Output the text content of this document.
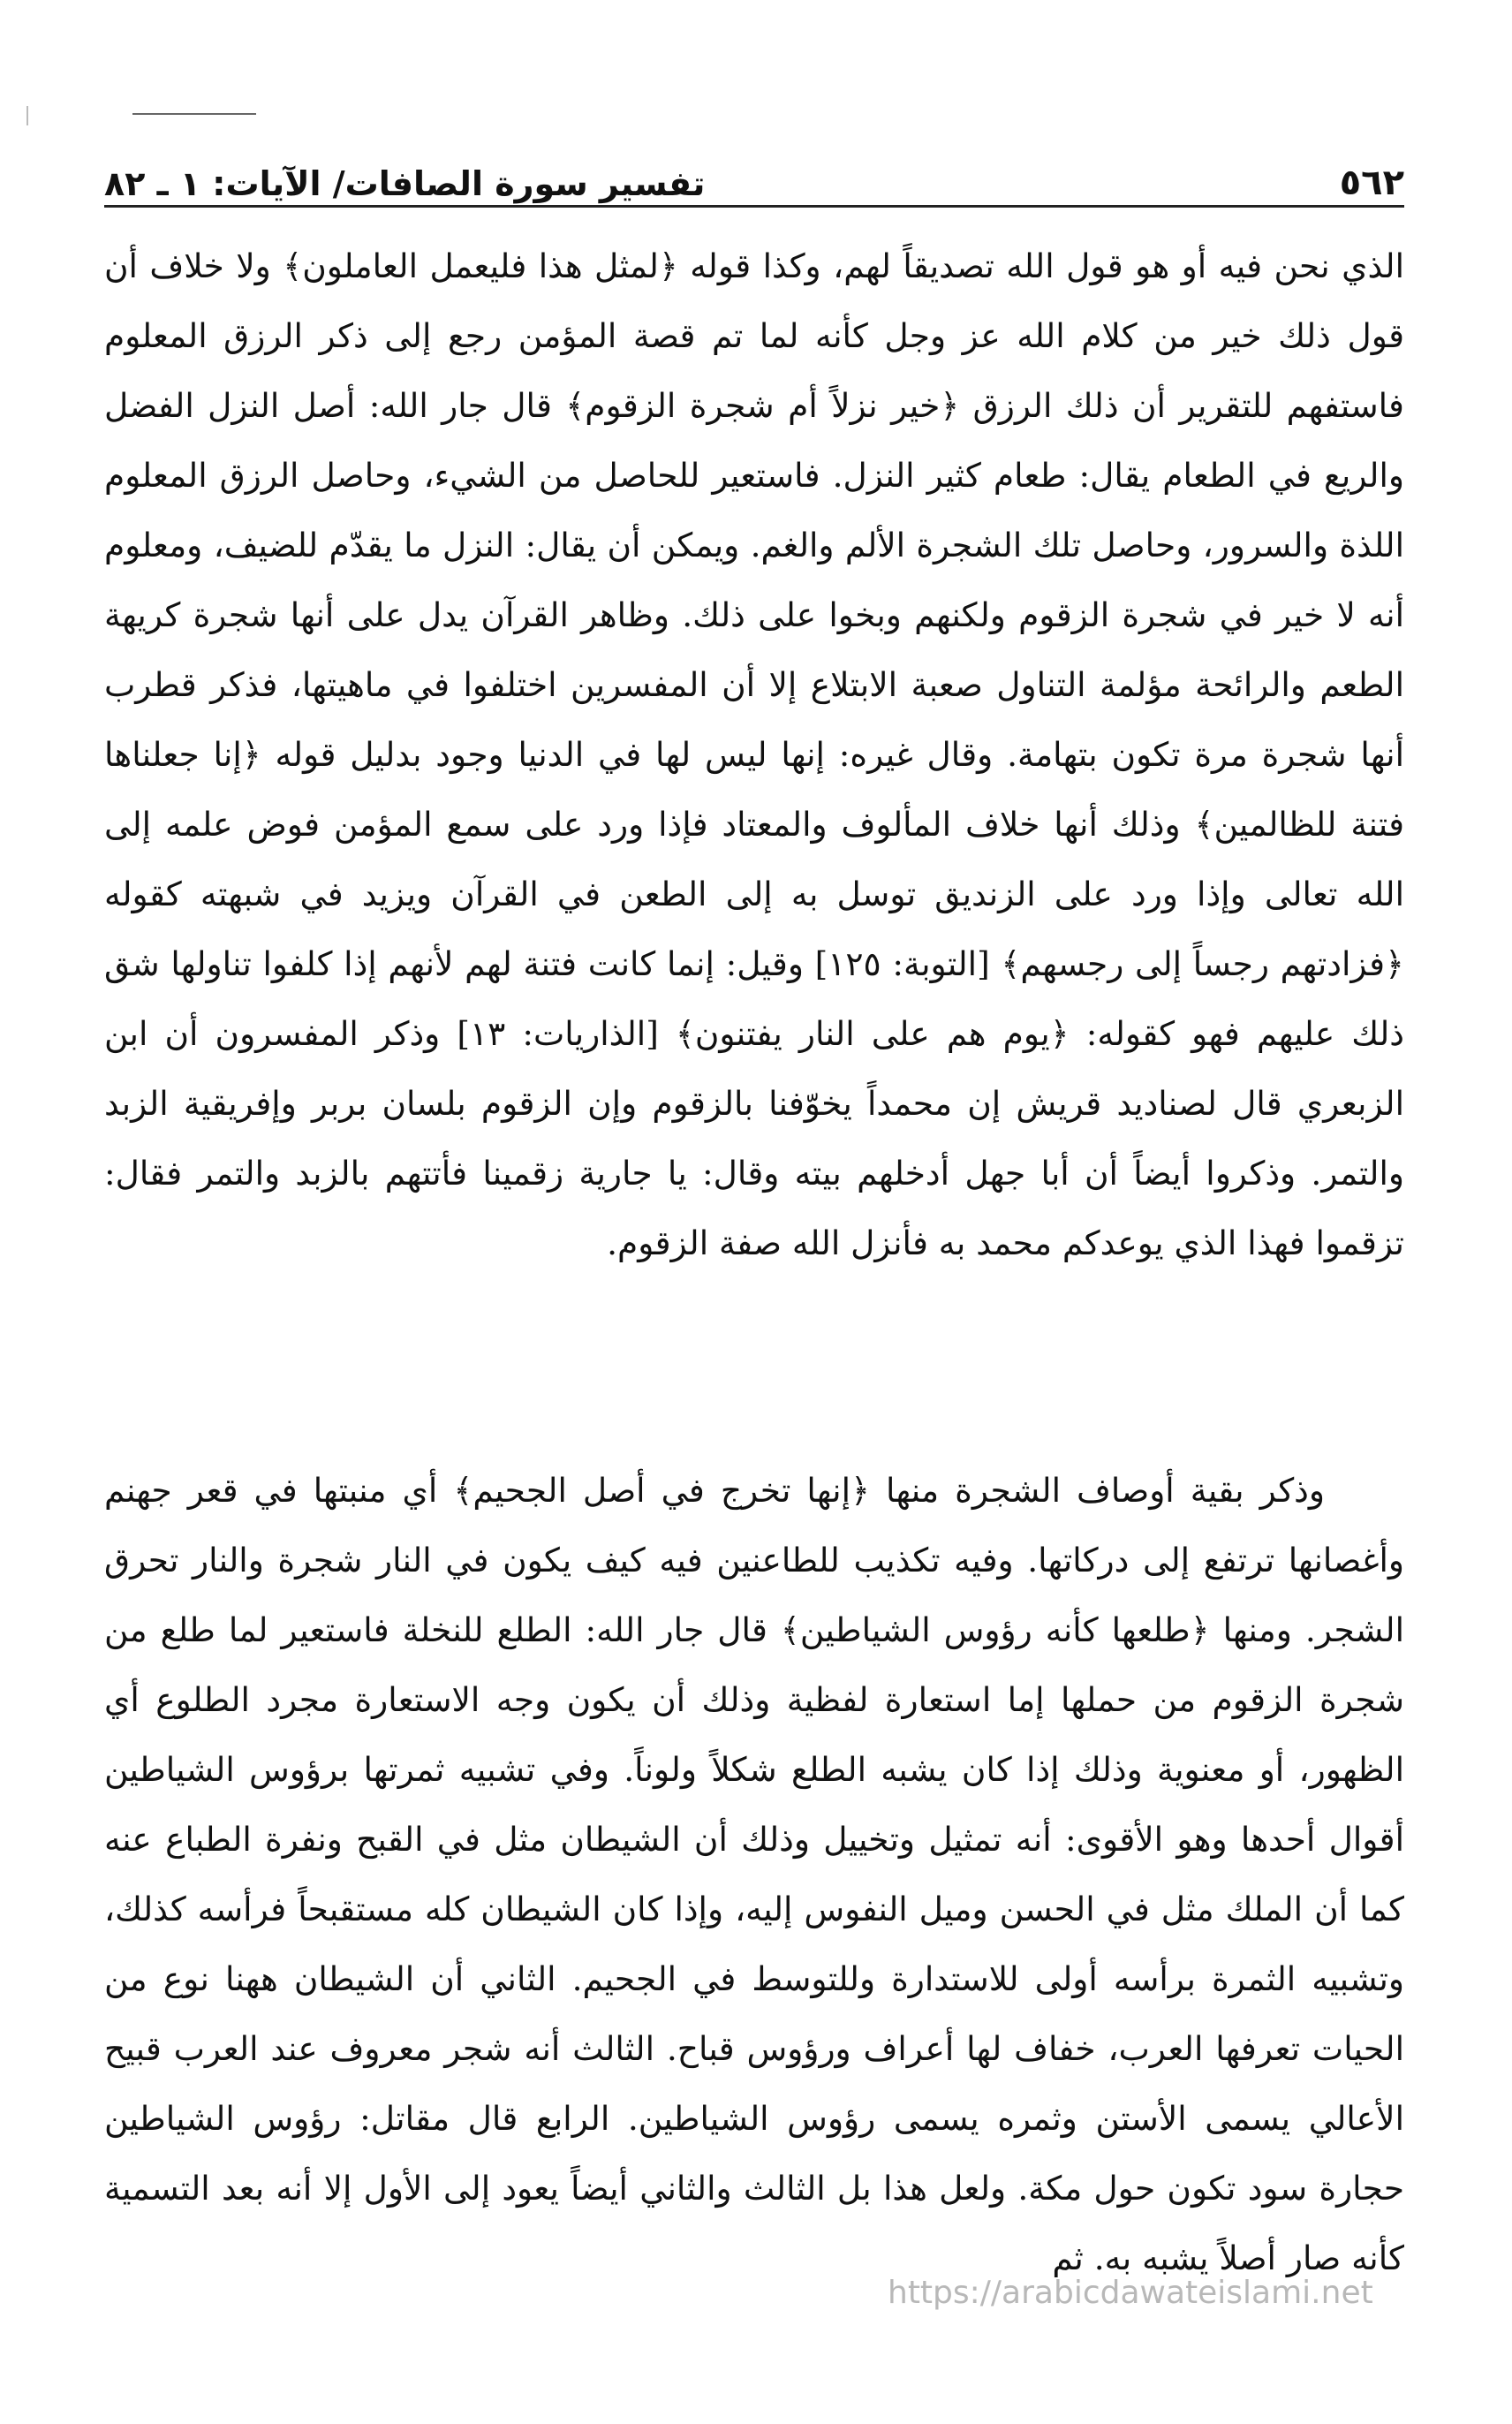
٥٦٢
تفسير سورة الصافات/ الآيات: ١ ـ ٨٢

الذي نحن فيه أو هو قول الله تصديقاً لهم، وكذا قوله ﴿لمثل هذا فليعمل العاملون﴾ ولا خلاف أن قول ذلك خير من كلام الله عز وجل كأنه لما تم قصة المؤمن رجع إلى ذكر الرزق المعلوم فاستفهم للتقرير أن ذلك الرزق ﴿خير نزلاً أم شجرة الزقوم﴾ قال جار الله: أصل النزل الفضل والريع في الطعام يقال: طعام كثير النزل. فاستعير للحاصل من الشيء، وحاصل الرزق المعلوم اللذة والسرور، وحاصل تلك الشجرة الألم والغم. ويمكن أن يقال: النزل ما يقدّم للضيف، ومعلوم أنه لا خير في شجرة الزقوم ولكنهم وبخوا على ذلك. وظاهر القرآن يدل على أنها شجرة كريهة الطعم والرائحة مؤلمة التناول صعبة الابتلاع إلا أن المفسرين اختلفوا في ماهيتها، فذكر قطرب أنها شجرة مرة تكون بتهامة. وقال غيره: إنها ليس لها في الدنيا وجود بدليل قوله ﴿إنا جعلناها فتنة للظالمين﴾ وذلك أنها خلاف المألوف والمعتاد فإذا ورد على سمع المؤمن فوض علمه إلى الله تعالى وإذا ورد على الزنديق توسل به إلى الطعن في القرآن ويزيد في شبهته كقوله ﴿فزادتهم رجساً إلى رجسهم﴾ [التوبة: ١٢٥] وقيل: إنما كانت فتنة لهم لأنهم إذا كلفوا تناولها شق ذلك عليهم فهو كقوله: ﴿يوم هم على النار يفتنون﴾ [الذاريات: ١٣] وذكر المفسرون أن ابن الزبعري قال لصناديد قريش إن محمداً يخوّفنا بالزقوم وإن الزقوم بلسان بربر وإفريقية الزبد والتمر. وذكروا أيضاً أن أبا جهل أدخلهم بيته وقال: يا جارية زقمينا فأتتهم بالزبد والتمر فقال: تزقموا فهذا الذي يوعدكم محمد به فأنزل الله صفة الزقوم.

وذكر بقية أوصاف الشجرة منها ﴿إنها تخرج في أصل الجحيم﴾ أي منبتها في قعر جهنم وأغصانها ترتفع إلى دركاتها. وفيه تكذيب للطاعنين فيه كيف يكون في النار شجرة والنار تحرق الشجر. ومنها ﴿طلعها كأنه رؤوس الشياطين﴾ قال جار الله: الطلع للنخلة فاستعير لما طلع من شجرة الزقوم من حملها إما استعارة لفظية وذلك أن يكون وجه الاستعارة مجرد الطلوع أي الظهور، أو معنوية وذلك إذا كان يشبه الطلع شكلاً ولوناً. وفي تشبيه ثمرتها برؤوس الشياطين أقوال أحدها وهو الأقوى: أنه تمثيل وتخييل وذلك أن الشيطان مثل في القبح ونفرة الطباع عنه كما أن الملك مثل في الحسن وميل النفوس إليه، وإذا كان الشيطان كله مستقبحاً فرأسه كذلك، وتشبيه الثمرة برأسه أولى للاستدارة وللتوسط في الجحيم. الثاني أن الشيطان ههنا نوع من الحيات تعرفها العرب، خفاف لها أعراف ورؤوس قباح. الثالث أنه شجر معروف عند العرب قبيح الأعالي يسمى الأستن وثمره يسمى رؤوس الشياطين. الرابع قال مقاتل: رؤوس الشياطين حجارة سود تكون حول مكة. ولعل هذا بل الثالث والثاني أيضاً يعود إلى الأول إلا أنه بعد التسمية كأنه صار أصلاً يشبه به. ثم

https://arabicdawateislami.net
